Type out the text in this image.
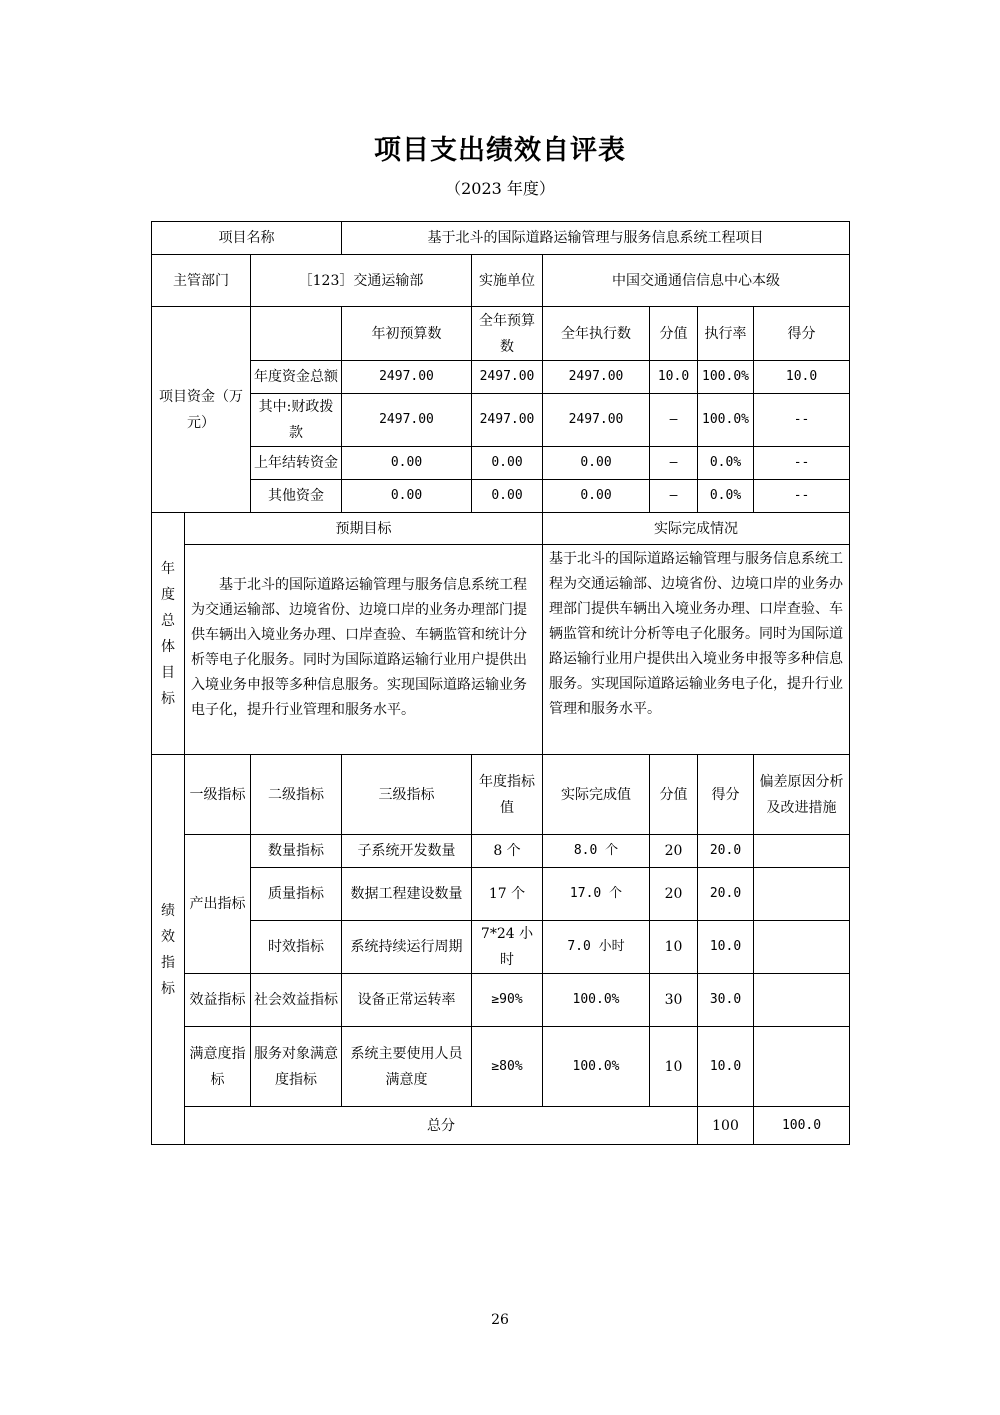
项目支出绩效自评表
（2023 年度）
项目名称			基于北斗的国际道路运输管理与服务信息系统工程项目						
主管部门		［123］交通运输部		实施单位	中国交通通信信息中心本级				

项目资金（万元）			年初预算数	全年预算数	全年执行数	分值	执行率	得分	
		年度资金总额	2497.00	2497.00	2497.00	10.0	100.0%	10.0	
		其中:财政拨款	2497.00	2497.00	2497.00	—	100.0%	--	
		上年结转资金	0.00	0.00	0.00	—	0.0%	--	
		其他资金	0.00	0.00	0.00	—	0.0%	--	

年度总体目标	预期目标				实际完成情况				

	基于北斗的国际道路运输管理与服务信息系统工程为交通运输部、边境省份、边境口岸的业务办理部门提供车辆出入境业务办理、口岸查验、车辆监管和统计分析等电子化服务。同时为国际道路运输行业用户提供出入境业务申报等多种信息服务。实现国际道路运输业务电子化，提升行业管理和服务水平。				基于北斗的国际道路运输管理与服务信息系统工程为交通运输部、边境省份、边境口岸的业务办理部门提供车辆出入境业务办理、口岸查验、车辆监管和统计分析等电子化服务。同时为国际道路运输行业用户提供出入境业务申报等多种信息服务。实现国际道路运输业务电子化，提升行业管理和服务水平。				

绩效指标	一级指标	二级指标	三级指标	年度指标值	实际完成值	分值	得分	偏差原因分析及改进措施	
	产出指标	数量指标	子系统开发数量	8 个	8.0 个	20	20.0		
		质量指标	数据工程建设数量	17 个	17.0 个	20	20.0		
		时效指标	系统持续运行周期	7*24 小时	7.0 小时	10	10.0		
	效益指标	社会效益指标	设备正常运转率	≥90%	100.0%	30	30.0		
	满意度指标	服务对象满意度指标	系统主要使用人员满意度	≥80%	100.0%	10	10.0		
	总分						100	100.0	
26
